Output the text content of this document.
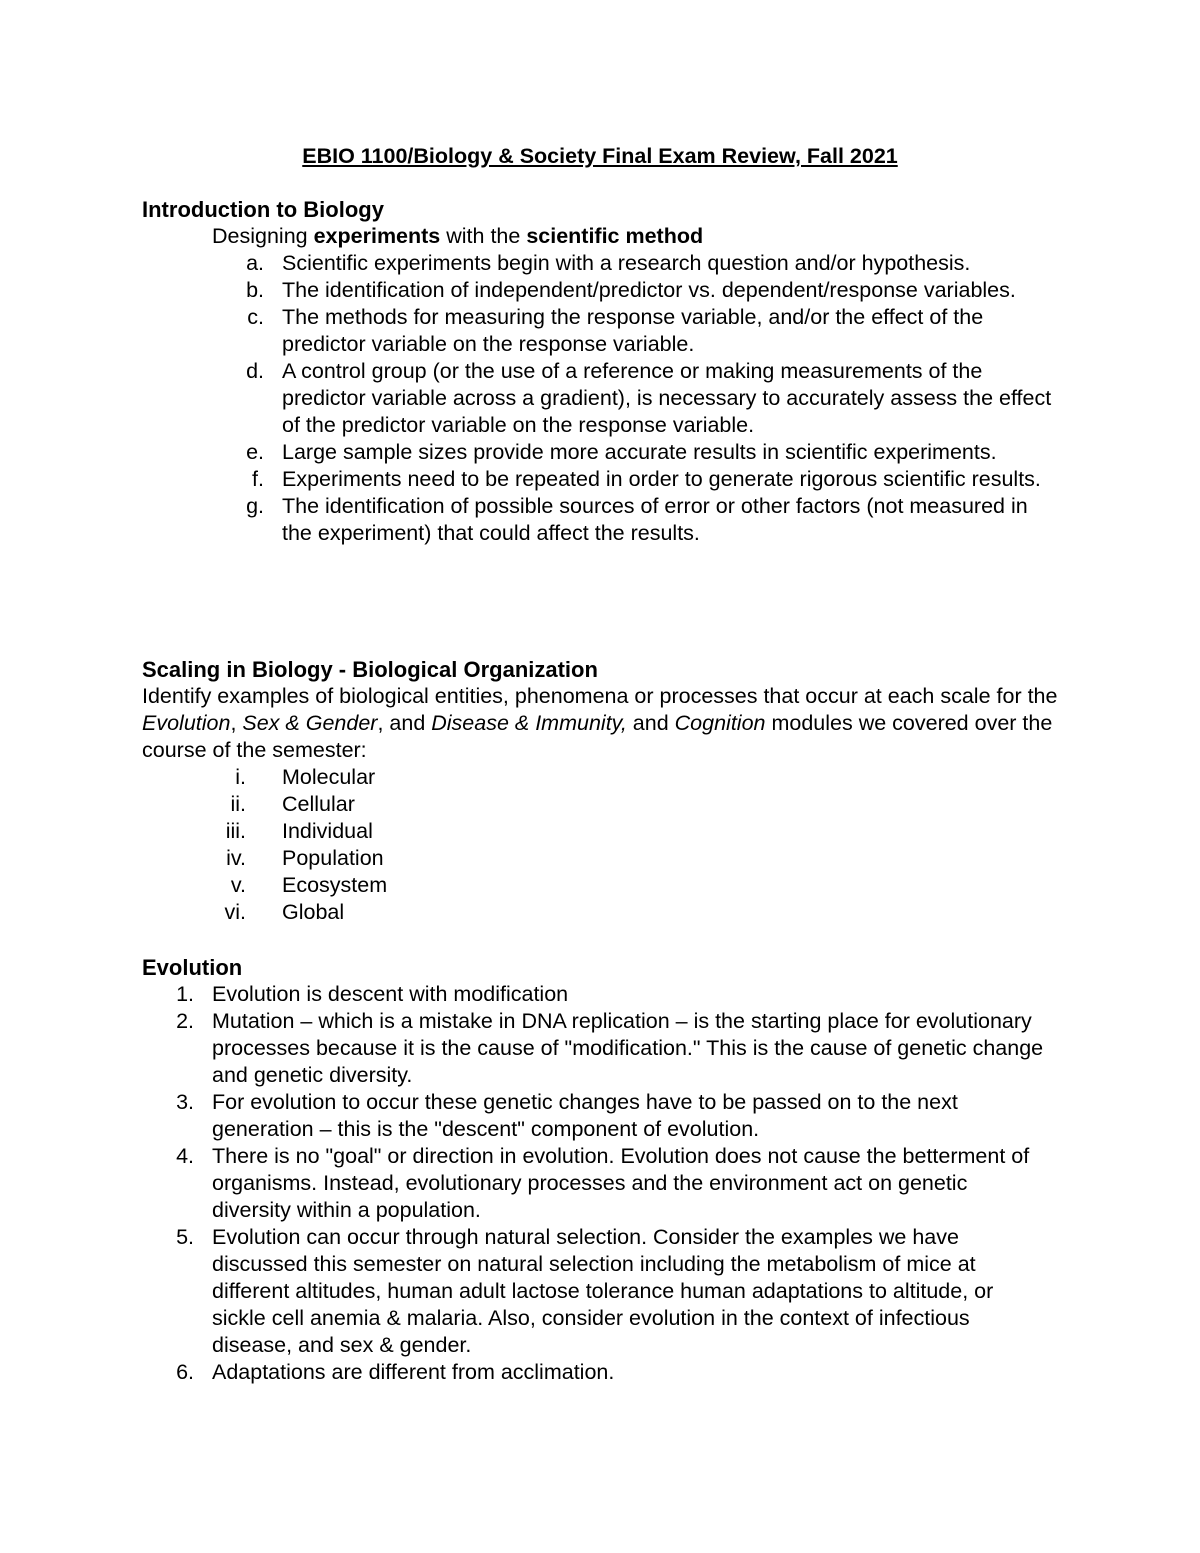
EBIO 1100/Biology & Society Final Exam Review, Fall 2021
Introduction to Biology
Designing experiments with the scientific method
a. Scientific experiments begin with a research question and/or hypothesis.
b. The identification of independent/predictor vs. dependent/response variables.
c. The methods for measuring the response variable, and/or the effect of the predictor variable on the response variable.
d. A control group (or the use of a reference or making measurements of the predictor variable across a gradient), is necessary to accurately assess the effect of the predictor variable on the response variable.
e. Large sample sizes provide more accurate results in scientific experiments.
f. Experiments need to be repeated in order to generate rigorous scientific results.
g. The identification of possible sources of error or other factors (not measured in the experiment) that could affect the results.
Scaling in Biology - Biological Organization
Identify examples of biological entities, phenomena or processes that occur at each scale for the Evolution, Sex & Gender, and Disease & Immunity, and Cognition modules we covered over the course of the semester:
i. Molecular
ii. Cellular
iii. Individual
iv. Population
v. Ecosystem
vi. Global
Evolution
1. Evolution is descent with modification
2. Mutation – which is a mistake in DNA replication – is the starting place for evolutionary processes because it is the cause of "modification." This is the cause of genetic change and genetic diversity.
3. For evolution to occur these genetic changes have to be passed on to the next generation – this is the "descent" component of evolution.
4. There is no "goal" or direction in evolution. Evolution does not cause the betterment of organisms. Instead, evolutionary processes and the environment act on genetic diversity within a population.
5. Evolution can occur through natural selection. Consider the examples we have discussed this semester on natural selection including the metabolism of mice at different altitudes, human adult lactose tolerance human adaptations to altitude, or sickle cell anemia & malaria. Also, consider evolution in the context of infectious disease, and sex & gender.
6. Adaptations are different from acclimation.
